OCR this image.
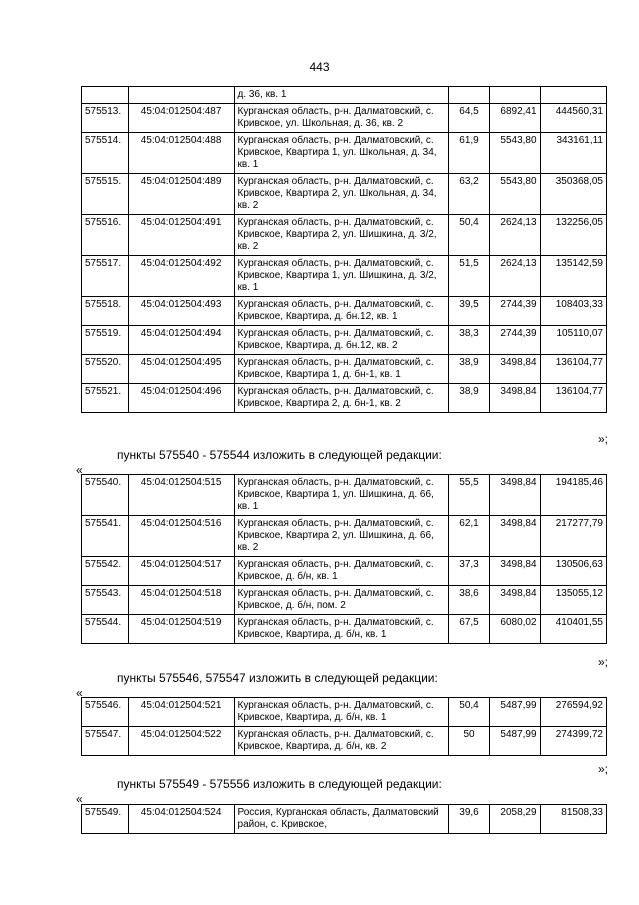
443
		д. 36, кв. 1			
575513.	45:04:012504:487	Курганская область, р-н. Далматовский, с. Кривское, ул. Школьная, д. 36, кв. 2	64,5	6892,41	444560,31
575514.	45:04:012504:488	Курганская область, р-н. Далматовский, с. Кривское, Квартира 1, ул. Школьная, д. 34, кв. 1	61,9	5543,80	343161,11
575515.	45:04:012504:489	Курганская область, р-н. Далматовский, с. Кривское, Квартира 2, ул. Школьная, д. 34, кв. 2	63,2	5543,80	350368,05
575516.	45:04:012504:491	Курганская область, р-н. Далматовский, с. Кривское, Квартира 2, ул. Шишкина, д. 3/2, кв. 2	50,4	2624,13	132256,05
575517.	45:04:012504:492	Курганская область, р-н. Далматовский, с. Кривское, Квартира 1, ул. Шишкина, д. 3/2, кв. 1	51,5	2624,13	135142,59
575518.	45:04:012504:493	Курганская область, р-н. Далматовский, с. Кривское, Квартира, д. бн.12, кв. 1	39,5	2744,39	108403,33
575519.	45:04:012504:494	Курганская область, р-н. Далматовский, с. Кривское, Квартира, д. бн.12, кв. 2	38,3	2744,39	105110,07
575520.	45:04:012504:495	Курганская область, р-н. Далматовский, с. Кривское, Квартира 1, д. бн-1, кв. 1	38,9	3498,84	136104,77
575521.	45:04:012504:496	Курганская область, р-н. Далматовский, с. Кривское, Квартира 2, д. бн-1, кв. 2	38,9	3498,84	136104,77
»;
пункты 575540 - 575544 изложить в следующей редакции:
«
575540.	45:04:012504:515	Курганская область, р-н. Далматовский, с. Кривское, Квартира 1, ул. Шишкина, д. 66, кв. 1	55,5	3498,84	194185,46
575541.	45:04:012504:516	Курганская область, р-н. Далматовский, с. Кривское, Квартира 2, ул. Шишкина, д. 66, кв. 2	62,1	3498,84	217277,79
575542.	45:04:012504:517	Курганская область, р-н. Далматовский, с. Кривское, д. б/н, кв. 1	37,3	3498,84	130506,63
575543.	45:04:012504:518	Курганская область, р-н. Далматовский, с. Кривское, д. б/н, пом. 2	38,6	3498,84	135055,12
575544.	45:04:012504:519	Курганская область, р-н. Далматовский, с. Кривское, Квартира, д. б/н, кв. 1	67,5	6080,02	410401,55
»;
пункты 575546, 575547 изложить в следующей редакции:
«
575546.	45:04:012504:521	Курганская область, р-н. Далматовский, с. Кривское, Квартира, д. б/н, кв. 1	50,4	5487,99	276594,92
575547.	45:04:012504:522	Курганская область, р-н. Далматовский, с. Кривское, Квартира, д. б/н, кв. 2	50	5487,99	274399,72
»;
пункты 575549 - 575556 изложить в следующей редакции:
«
575549.	45:04:012504:524	Россия, Курганская область, Далматовский район, с. Кривское,	39,6	2058,29	81508,33
